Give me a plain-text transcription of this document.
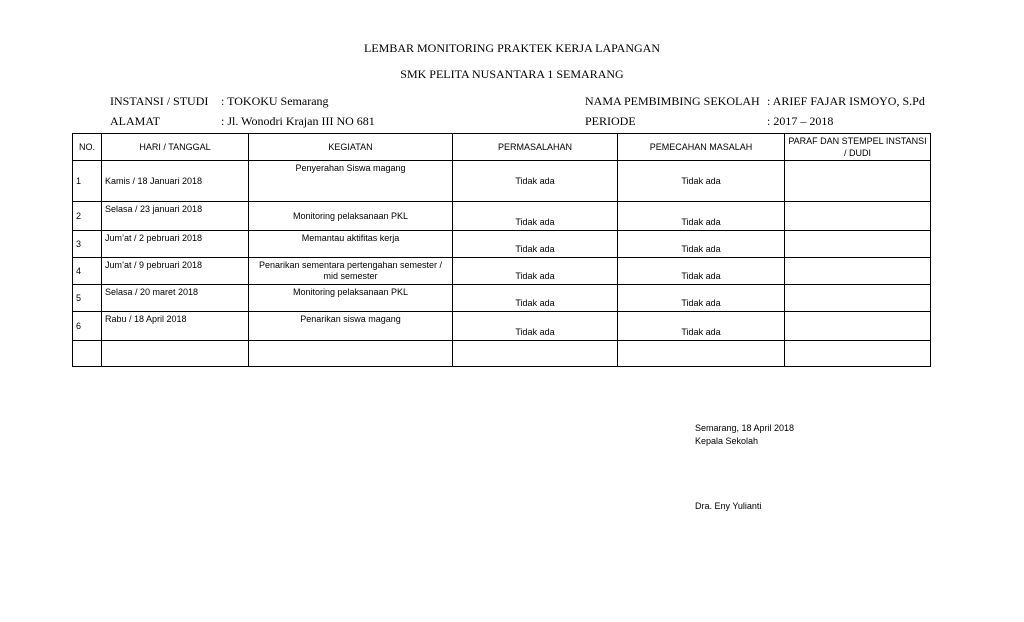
LEMBAR MONITORING PRAKTEK KERJA LAPANGAN
SMK PELITA NUSANTARA 1 SEMARANG
INSTANSI / STUDI : TOKOKU Semarang
ALAMAT	: Jl. Wonodri Krajan III NO 681
NAMA PEMBIMBING SEKOLAH : ARIEF FAJAR ISMOYO, S.Pd
PERIODE	: 2017 – 2018
NO.	HARI / TANGGAL	KEGIATAN	PERMASALAHAN	PEMECAHAN MASALAH	PARAF DAN STEMPEL INSTANSI / DUDI
1	Kamis / 18 Januari 2018	Penyerahan Siswa magang	Tidak ada	Tidak ada	
2	Selasa / 23 januari 2018	Monitoring pelaksanaan PKL	Tidak ada	Tidak ada	

3	Jum’at / 2 pebruari 2018	Memantau aktifitas kerja	Tidak ada	Tidak ada	

4	Jum’at / 9 pebruari 2018	Penarikan sementara pertengahan semester / mid semester	Tidak ada	Tidak ada	

5	Selasa / 20 maret 2018	Monitoring pelaksanaan PKL	Tidak ada	Tidak ada	

6	Rabu / 18 April 2018	Penarikan siswa magang	Tidak ada	Tidak ada	

Semarang, 18 April 2018
Kepala Sekolah
Dra. Eny Yulianti
